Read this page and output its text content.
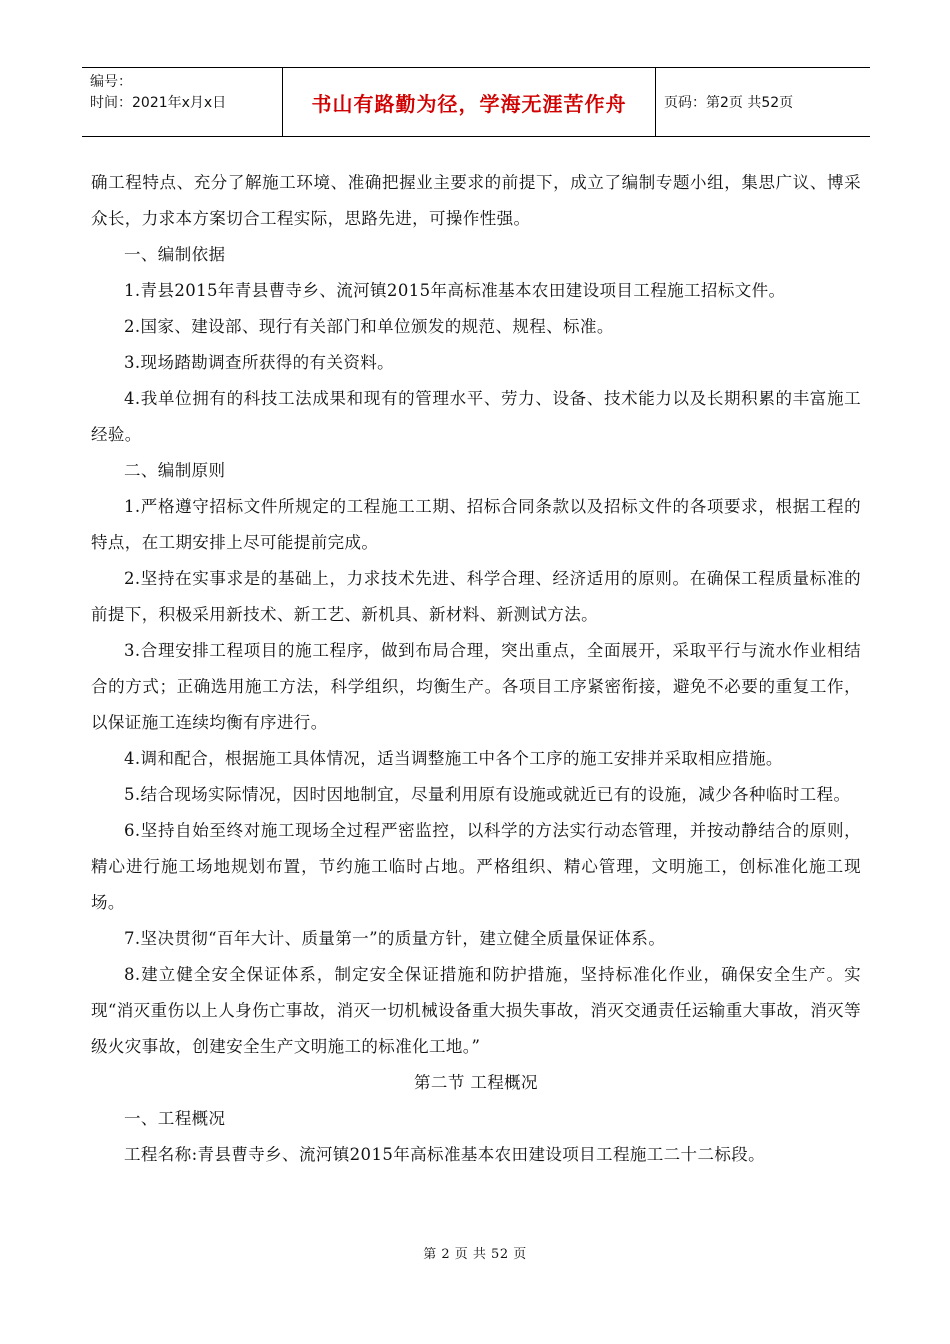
编号：
时间：2021年x月x日	书山有路勤为径，学海无涯苦作舟	页码：第2页 共52页

确工程特点、充分了解施工环境、准确把握业主要求的前提下，成立了编制专题小组，集思广议、博采众长，力求本方案切合工程实际，思路先进，可操作性强。

一、编制依据

1.青县2015年青县曹寺乡、流河镇2015年高标准基本农田建设项目工程施工招标文件。

2.国家、建设部、现行有关部门和单位颁发的规范、规程、标准。

3.现场踏勘调查所获得的有关资料。

4.我单位拥有的科技工法成果和现有的管理水平、劳力、设备、技术能力以及长期积累的丰富施工经验。

二、编制原则

1.严格遵守招标文件所规定的工程施工工期、招标合同条款以及招标文件的各项要求，根据工程的特点，在工期安排上尽可能提前完成。

2.坚持在实事求是的基础上，力求技术先进、科学合理、经济适用的原则。在确保工程质量标准的前提下，积极采用新技术、新工艺、新机具、新材料、新测试方法。

3.合理安排工程项目的施工程序，做到布局合理，突出重点，全面展开，采取平行与流水作业相结合的方式；正确选用施工方法，科学组织，均衡生产。各项目工序紧密衔接，避免不必要的重复工作，以保证施工连续均衡有序进行。

4.调和配合，根据施工具体情况，适当调整施工中各个工序的施工安排并采取相应措施。

5.结合现场实际情况，因时因地制宜，尽量利用原有设施或就近已有的设施，减少各种临时工程。

6.坚持自始至终对施工现场全过程严密监控，以科学的方法实行动态管理，并按动静结合的原则，精心进行施工场地规划布置，节约施工临时占地。严格组织、精心管理，文明施工，创标准化施工现场。

7.坚决贯彻“百年大计、质量第一”的质量方针，建立健全质量保证体系。

8.建立健全安全保证体系，制定安全保证措施和防护措施，坚持标准化作业，确保安全生产。实现“消灭重伤以上人身伤亡事故，消灭一切机械设备重大损失事故，消灭交通责任运输重大事故，消灭等级火灾事故，创建安全生产文明施工的标准化工地。”

第二节 工程概况

一、工程概况

工程名称:青县曹寺乡、流河镇2015年高标准基本农田建设项目工程施工二十二标段。

第 2 页 共 52 页
